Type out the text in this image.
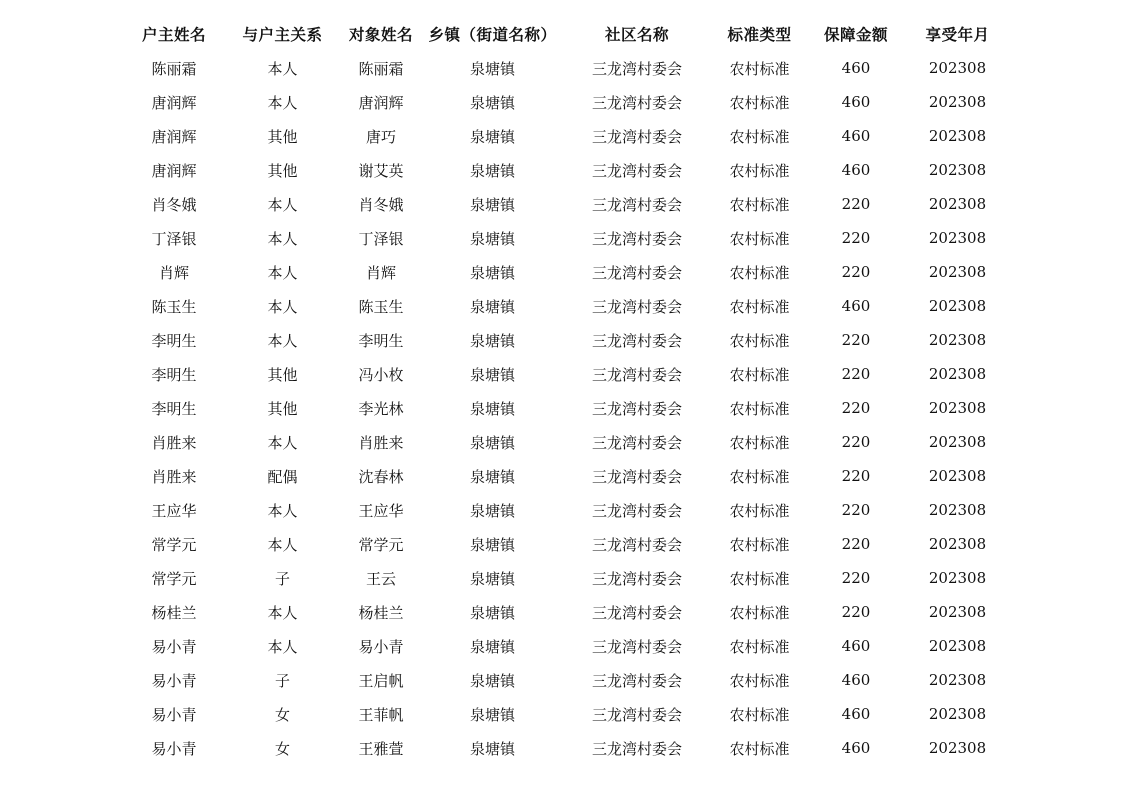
户主姓名	与户主关系	对象姓名	乡镇（街道名称）	社区名称	标准类型	保障金额	享受年月
陈丽霜	本人	陈丽霜	泉塘镇	三龙湾村委会	农村标准	460	202308
唐润辉	本人	唐润辉	泉塘镇	三龙湾村委会	农村标准	460	202308
唐润辉	其他	唐巧	泉塘镇	三龙湾村委会	农村标准	460	202308
唐润辉	其他	谢艾英	泉塘镇	三龙湾村委会	农村标准	460	202308
肖冬娥	本人	肖冬娥	泉塘镇	三龙湾村委会	农村标准	220	202308
丁泽银	本人	丁泽银	泉塘镇	三龙湾村委会	农村标准	220	202308
肖辉	本人	肖辉	泉塘镇	三龙湾村委会	农村标准	220	202308
陈玉生	本人	陈玉生	泉塘镇	三龙湾村委会	农村标准	460	202308
李明生	本人	李明生	泉塘镇	三龙湾村委会	农村标准	220	202308
李明生	其他	冯小枚	泉塘镇	三龙湾村委会	农村标准	220	202308
李明生	其他	李光林	泉塘镇	三龙湾村委会	农村标准	220	202308
肖胜来	本人	肖胜来	泉塘镇	三龙湾村委会	农村标准	220	202308
肖胜来	配偶	沈春林	泉塘镇	三龙湾村委会	农村标准	220	202308
王应华	本人	王应华	泉塘镇	三龙湾村委会	农村标准	220	202308
常学元	本人	常学元	泉塘镇	三龙湾村委会	农村标准	220	202308
常学元	子	王云	泉塘镇	三龙湾村委会	农村标准	220	202308
杨桂兰	本人	杨桂兰	泉塘镇	三龙湾村委会	农村标准	220	202308
易小青	本人	易小青	泉塘镇	三龙湾村委会	农村标准	460	202308
易小青	子	王启帆	泉塘镇	三龙湾村委会	农村标准	460	202308
易小青	女	王菲帆	泉塘镇	三龙湾村委会	农村标准	460	202308
易小青	女	王雅萱	泉塘镇	三龙湾村委会	农村标准	460	202308
